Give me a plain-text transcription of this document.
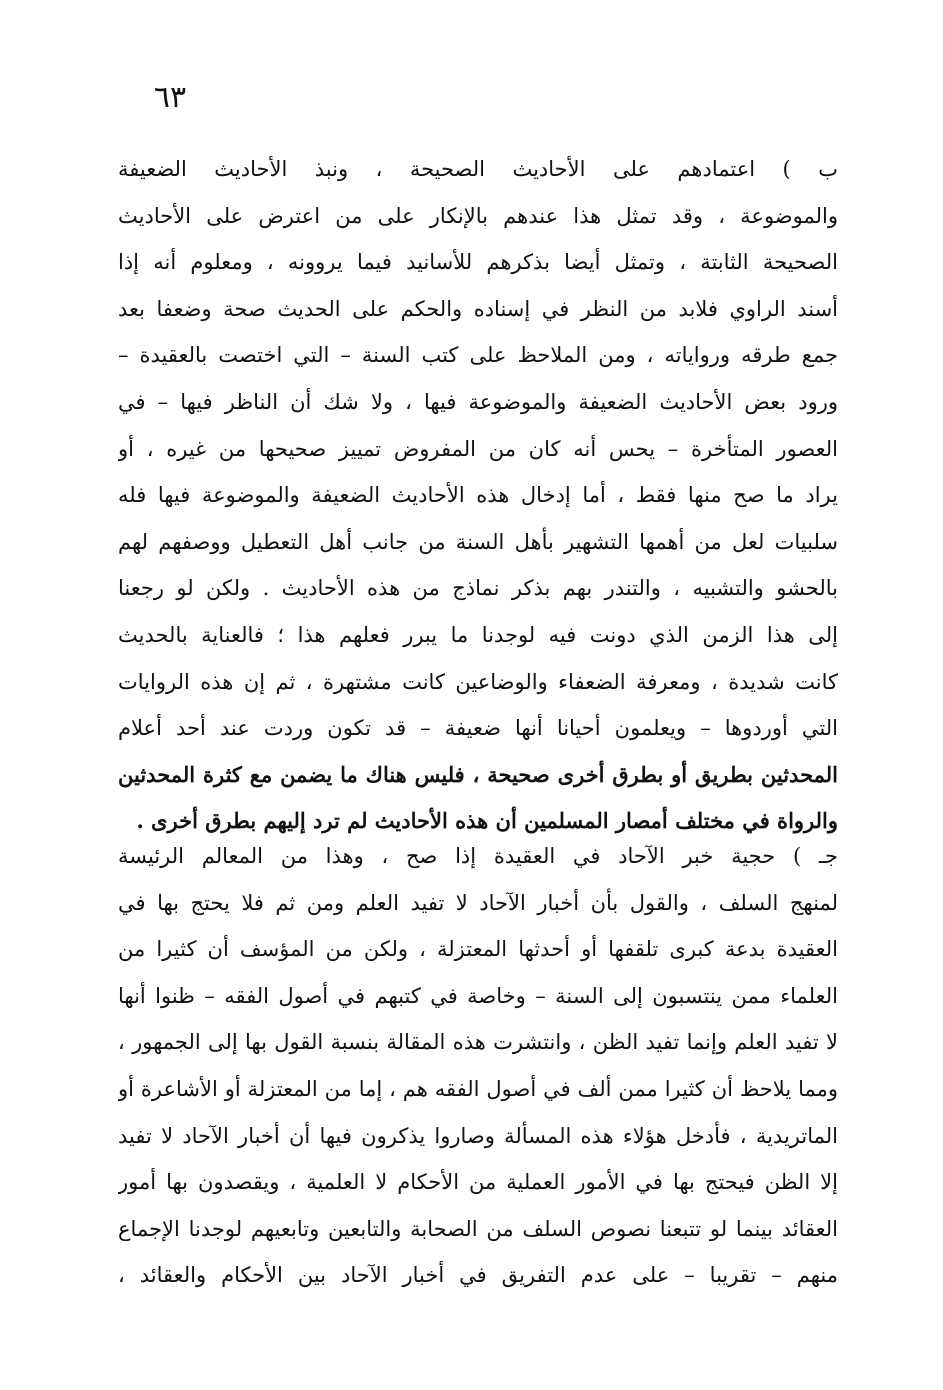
٦٣
ب ) اعتمادهم على الأحاديث الصحيحة ، ونبذ الأحاديث الضعيفة
والموضوعة ، وقد تمثل هذا عندهم بالإنكار على من اعترض على الأحاديث
الصحيحة الثابتة ، وتمثل أيضا بذكرهم للأسانيد فيما يروونه ، ومعلوم أنه إذا
أسند الراوي فلابد من النظر في إسناده والحكم على الحديث صحة وضعفا بعد
جمع طرقه ورواياته ، ومن الملاحظ على كتب السنة – التي اختصت بالعقيدة –
ورود بعض الأحاديث الضعيفة والموضوعة فيها ، ولا شك أن الناظر فيها – في
العصور المتأخرة – يحس أنه كان من المفروض تمييز صحيحها من غيره ، أو
يراد ما صح منها فقط ، أما إدخال هذه الأحاديث الضعيفة والموضوعة فيها فله
سلبيات لعل من أهمها التشهير بأهل السنة من جانب أهل التعطيل ووصفهم لهم
بالحشو والتشبيه ، والتندر بهم بذكر نماذج من هذه الأحاديث . ولكن لو رجعنا
إلى هذا الزمن الذي دونت فيه لوجدنا ما يبرر فعلهم هذا ؛ فالعناية بالحديث
كانت شديدة ، ومعرفة الضعفاء والوضاعين كانت مشتهرة ، ثم إن هذه الروايات
التي أوردوها – ويعلمون أحيانا أنها ضعيفة – قد تكون وردت عند أحد أعلام
المحدثين بطريق أو بطرق أخرى صحيحة ، فليس هناك ما يضمن مع كثرة المحدثين
والرواة في مختلف أمصار المسلمين أن هذه الأحاديث لم ترد إليهم بطرق أخرى .
جـ ) حجية خبر الآحاد في العقيدة إذا صح ، وهذا من المعالم الرئيسة
لمنهج السلف ، والقول بأن أخبار الآحاد لا تفيد العلم ومن ثم فلا يحتج بها في
العقيدة بدعة كبرى تلقفها أو أحدثها المعتزلة ، ولكن من المؤسف أن كثيرا من
العلماء ممن ينتسبون إلى السنة – وخاصة في كتبهم في أصول الفقه – ظنوا أنها
لا تفيد العلم وإنما تفيد الظن ، وانتشرت هذه المقالة بنسبة القول بها إلى الجمهور ،
ومما يلاحظ أن كثيرا ممن ألف في أصول الفقه هم ، إما من المعتزلة أو الأشاعرة أو
الماتريدية ، فأدخل هؤلاء هذه المسألة وصاروا يذكرون فيها أن أخبار الآحاد لا تفيد
إلا الظن فيحتج بها في الأمور العملية من الأحكام لا العلمية ، ويقصدون بها أمور
العقائد بينما لو تتبعنا نصوص السلف من الصحابة والتابعين وتابعيهم لوجدنا الإجماع
منهم – تقريبا – على عدم التفريق في أخبار الآحاد بين الأحكام والعقائد ،
